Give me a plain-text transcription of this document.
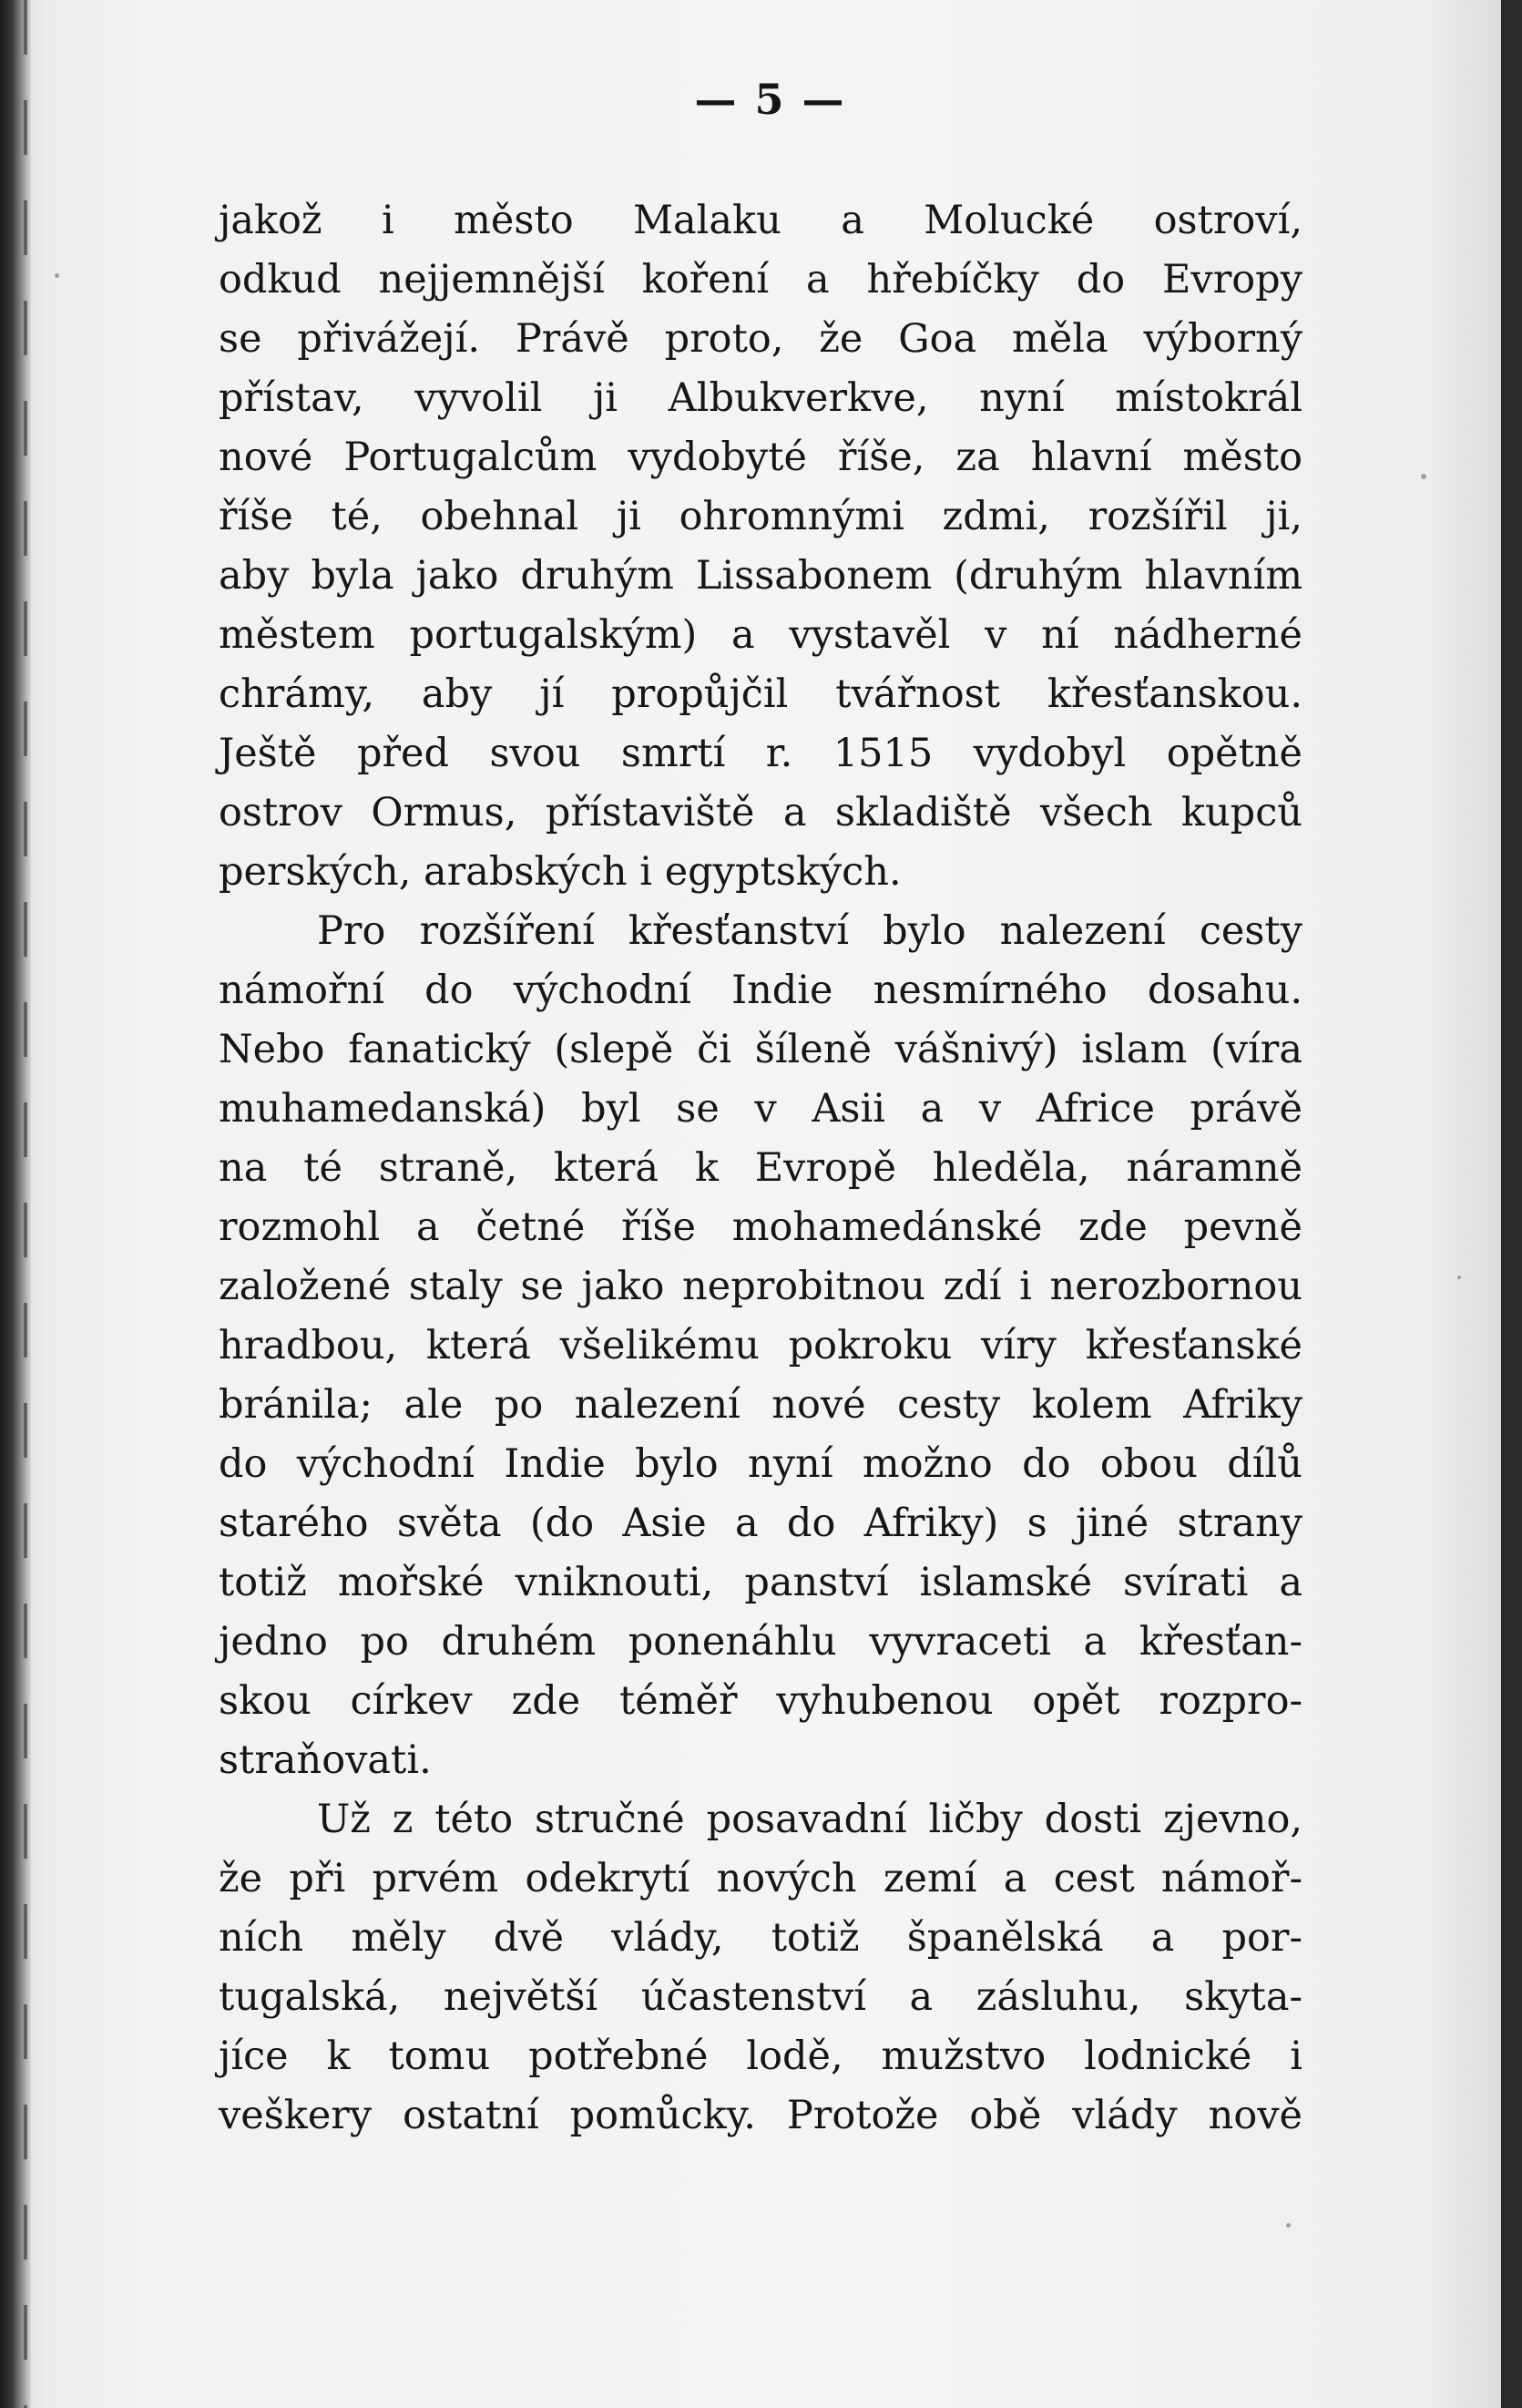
— 5 —
jakož i město Malaku a Molucké ostroví,
odkud nejjemnější koření a hřebíčky do Evropy
se přivážejí. Právě proto, že Goa měla výborný
přístav, vyvolil ji Albukverkve, nyní místokrál
nové Portugalcům vydobyté říše, za hlavní město
říše té, obehnal ji ohromnými zdmi, rozšířil ji,
aby byla jako druhým Lissabonem (druhým hlavním
městem portugalským) a vystavěl v ní nádherné
chrámy, aby jí propůjčil tvářnost křesťanskou.
Ještě před svou smrtí r. 1515 vydobyl opětně
ostrov Ormus, přístaviště a skladiště všech kupců
perských, arabských i egyptských.
Pro rozšíření křesťanství bylo nalezení cesty
námořní do východní Indie nesmírného dosahu.
Nebo fanatický (slepě či šíleně vášnivý) islam (víra
muhamedanská) byl se v Asii a v Africe právě
na té straně, která k Evropě hleděla, náramně
rozmohl a četné říše mohamedánské zde pevně
založené staly se jako neprobitnou zdí i nerozbornou
hradbou, která všelikému pokroku víry křesťanské
bránila; ale po nalezení nové cesty kolem Afriky
do východní Indie bylo nyní možno do obou dílů
starého světa (do Asie a do Afriky) s jiné strany
totiž mořské vniknouti, panství islamské svírati a
jedno po druhém ponenáhlu vyvraceti a křesťan-
skou církev zde téměř vyhubenou opět rozpro-
straňovati.
Už z této stručné posavadní ličby dosti zjevno,
že při prvém odekrytí nových zemí a cest námoř-
ních měly dvě vlády, totiž španělská a por-
tugalská, největší účastenství a zásluhu, skyta-
jíce k tomu potřebné lodě, mužstvo lodnické i
veškery ostatní pomůcky. Protože obě vlády nově
